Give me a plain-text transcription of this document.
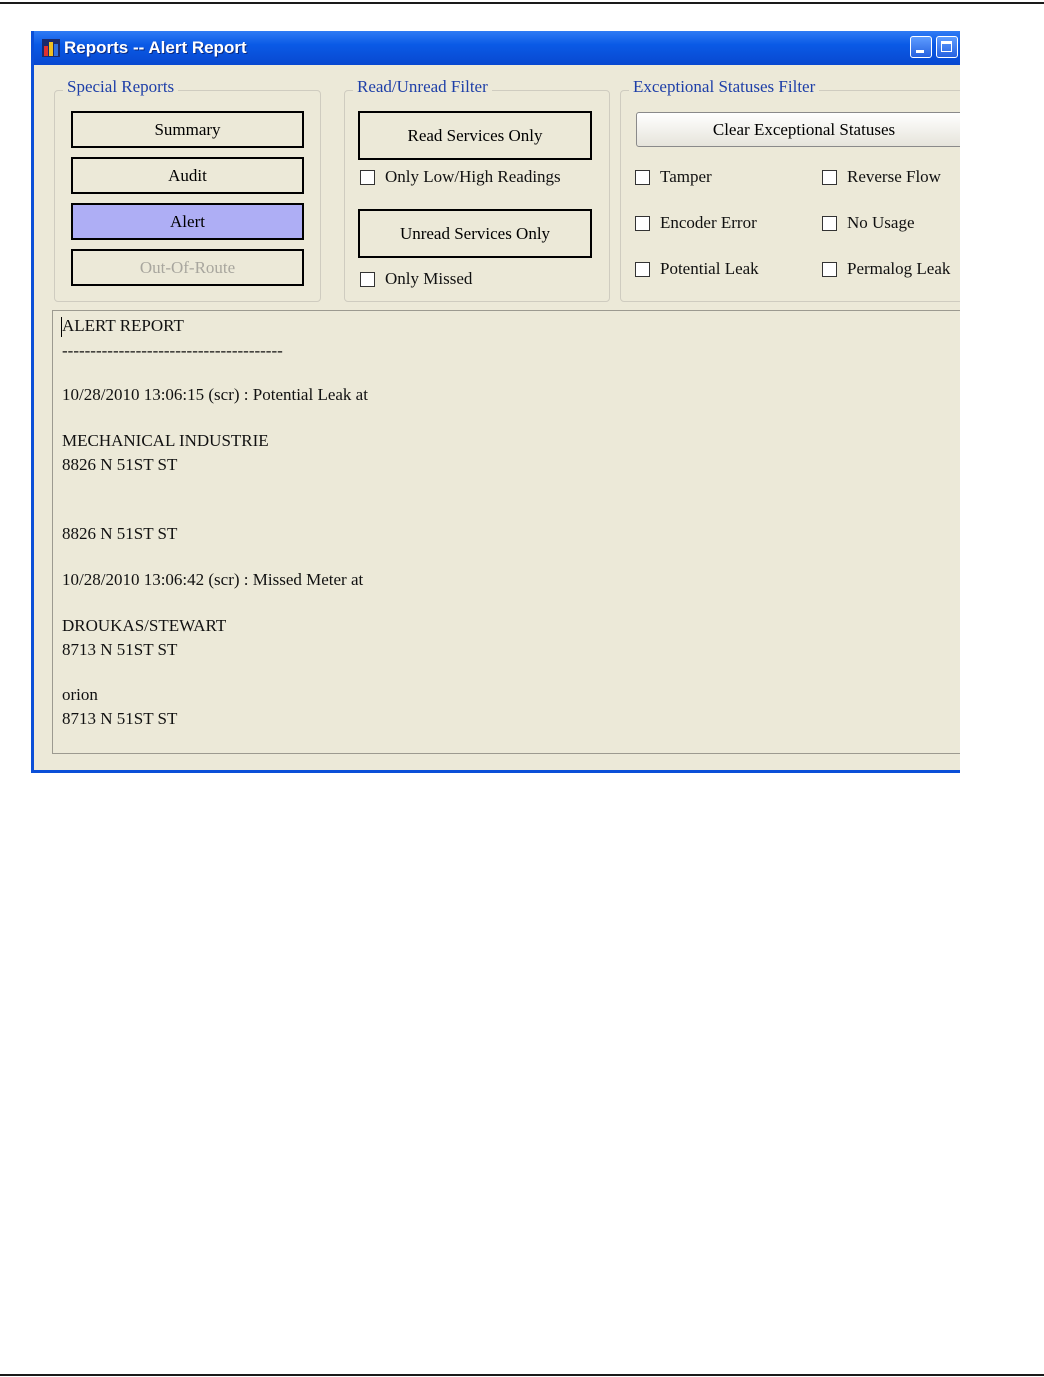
Reports -- Alert Report
Special Reports
Summary
Audit
Alert
Out-Of-Route
Read/Unread Filter
Read Services Only
Only Low/High Readings
Unread Services Only
Only Missed
Exceptional Statuses Filter
Clear Exceptional Statuses
Tamper	Reverse Flow
Encoder Error	No Usage
Potential Leak	Permalog Leak
ALERT REPORT
---------------------------------------
10/28/2010 13:06:15 (scr) : Potential Leak at
MECHANICAL INDUSTRIE
8826 N 51ST ST
8826 N 51ST ST
10/28/2010 13:06:42 (scr) : Missed Meter at
DROUKAS/STEWART
8713 N 51ST ST
orion
8713 N 51ST ST
